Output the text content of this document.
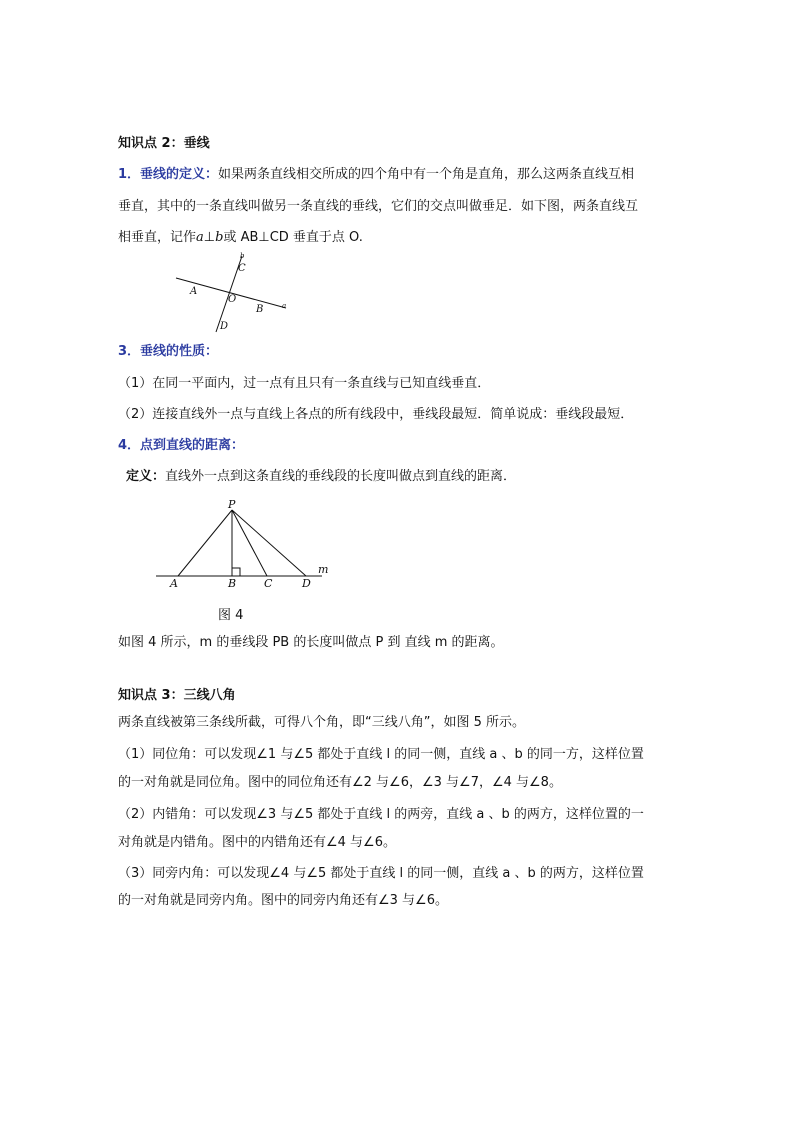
知识点 2：垂线
1．垂线的定义：如果两条直线相交所成的四个角中有一个角是直角，那么这两条直线互相
垂直，其中的一条直线叫做另一条直线的垂线，它们的交点叫做垂足．如下图，两条直线互
相垂直，记作a⊥b或 AB⊥CD 垂直于点 O.
A
B
C
D
O
a
b
3．垂线的性质：
（1）在同一平面内，过一点有且只有一条直线与已知直线垂直．
（2）连接直线外一点与直线上各点的所有线段中，垂线段最短．简单说成：垂线段最短．
4．点到直线的距离：
定义：直线外一点到这条直线的垂线段的长度叫做点到直线的距离．
P
A	B	C	D
m
图 4
如图 4 所示，m 的垂线段 PB 的长度叫做点 P 到 直线 m 的距离。
知识点 3：三线八角
两条直线被第三条线所截，可得八个角，即“三线八角”，如图 5 所示。
（1）同位角：可以发现∠1 与∠5 都处于直线 l 的同一侧，直线 a 、b 的同一方，这样位置
的一对角就是同位角。图中的同位角还有∠2 与∠6，∠3 与∠7，∠4 与∠8。
（2）内错角：可以发现∠3 与∠5 都处于直线 l 的两旁，直线 a 、b 的两方，这样位置的一
对角就是内错角。图中的内错角还有∠4 与∠6。
（3）同旁内角：可以发现∠4 与∠5 都处于直线 l 的同一侧，直线 a 、b 的两方，这样位置
的一对角就是同旁内角。图中的同旁内角还有∠3 与∠6。
